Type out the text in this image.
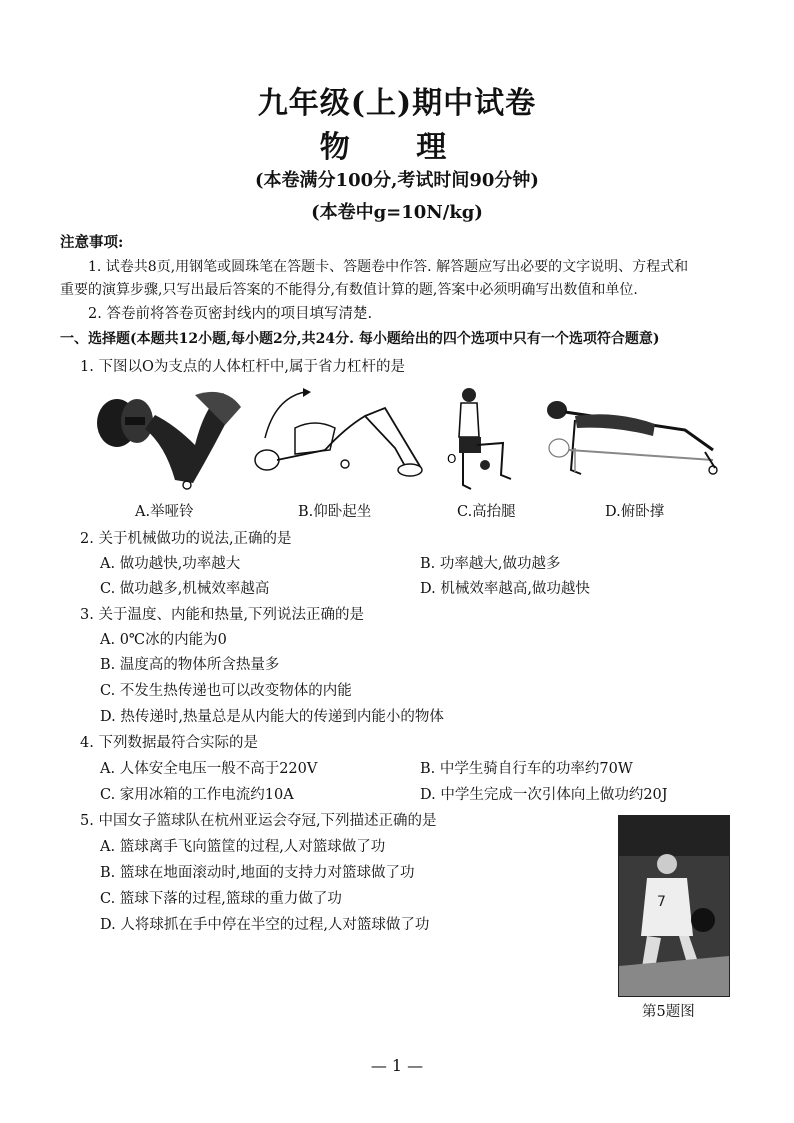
九年级(上)期中试卷
物 理
(本卷满分100分,考试时间90分钟)
(本卷中g=10N/kg)
注意事项:
1. 试卷共8页,用钢笔或圆珠笔在答题卡、答题卷中作答. 解答题应写出必要的文字说明、方程式和
重要的演算步骤,只写出最后答案的不能得分,有数值计算的题,答案中必须明确写出数值和单位.
2. 答卷前将答卷页密封线内的项目填写清楚.
一、选择题(本题共12小题,每小题2分,共24分. 每小题给出的四个选项中只有一个选项符合题意)
1. 下图以O为支点的人体杠杆中,属于省力杠杆的是
A.举哑铃	B.仰卧起坐
O
C.高抬腿	D.俯卧撑
2. 关于机械做功的说法,正确的是
A. 做功越快,功率越大	B. 功率越大,做功越多
C. 做功越多,机械效率越高	D. 机械效率越高,做功越快
3. 关于温度、内能和热量,下列说法正确的是
A. 0℃冰的内能为0
B. 温度高的物体所含热量多
C. 不发生热传递也可以改变物体的内能
D. 热传递时,热量总是从内能大的传递到内能小的物体
4. 下列数据最符合实际的是
A. 人体安全电压一般不高于220V	B. 中学生骑自行车的功率约70W
C. 家用冰箱的工作电流约10A	D. 中学生完成一次引体向上做功约20J
5. 中国女子篮球队在杭州亚运会夺冠,下列描述正确的是
A. 篮球离手飞向篮筐的过程,人对篮球做了功
B. 篮球在地面滚动时,地面的支持力对篮球做了功
C. 篮球下落的过程,篮球的重力做了功
D. 人将球抓在手中停在半空的过程,人对篮球做了功
7
第5题图
— 1 —
